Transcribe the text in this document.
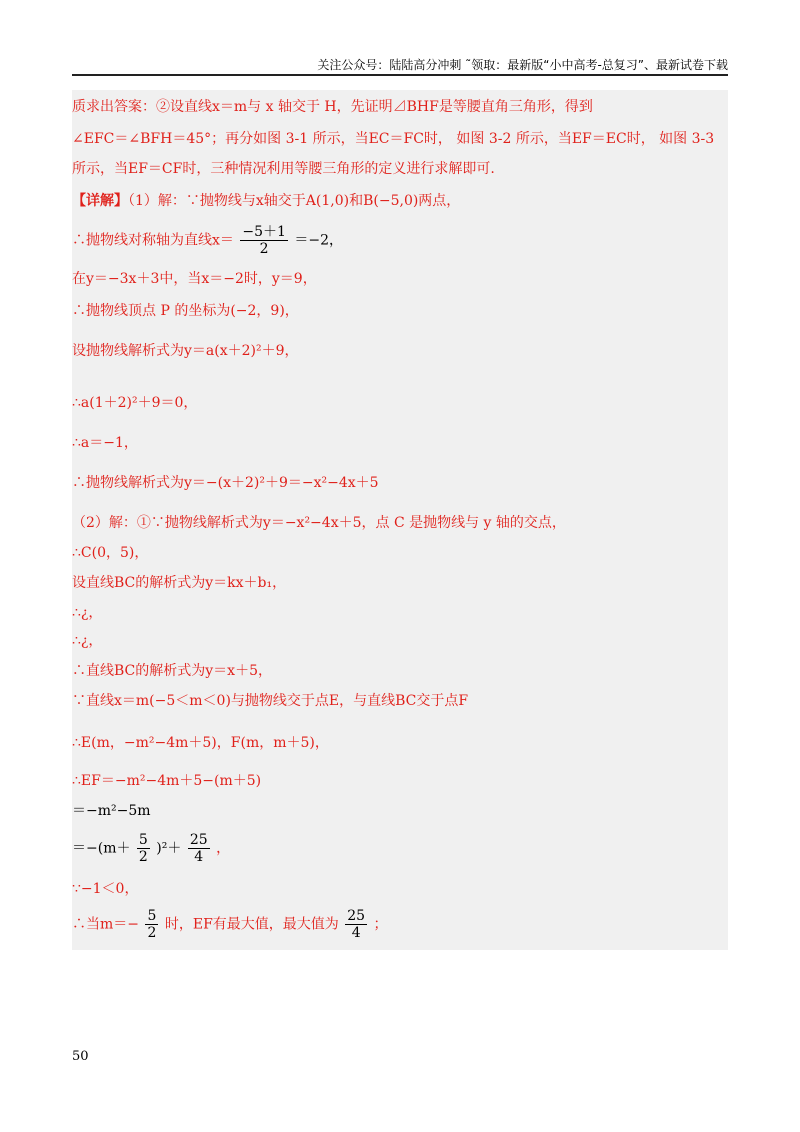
关注公众号：陆陆高分冲刺 ˜领取：最新版“小中高考-总复习”、最新试卷下载
质求出答案：②设直线x＝m与 x 轴交于 H，先证明⊿BHF是等腰直角三角形，得到
∠EFC＝∠BFH＝45°；再分如图 3-1 所示，当EC＝FC时， 如图 3-2 所示，当EF＝EC时， 如图 3-3
所示，当EF＝CF时，三种情况利用等腰三角形的定义进行求解即可.
【详解】（1）解：∵抛物线与x轴交于A(1,0)和B(−5,0)两点，
∴抛物线对称轴为直线$x= \frac{-5+1}{2} =-2$，
在y＝−3x＋3中，当x＝−2时，y＝9，
∴抛物线顶点 P 的坐标为(−2，9)，
设抛物线解析式为y＝a(x＋2)²＋9，
∴a(1＋2)²＋9＝0，
∴a＝−1，
∴抛物线解析式为y＝−(x＋2)²＋9＝−x²−4x＋5
（2）解：①∵抛物线解析式为y＝−x²−4x＋5，点 C 是抛物线与 y 轴的交点，
∴C(0，5)，
设直线BC的解析式为y＝kx＋b₁，
∴¿，
∴¿，
∴直线BC的解析式为y＝x＋5，
∵直线x＝m(−5＜m＜0)与抛物线交于点E，与直线BC交于点F
∴E(m，−m²−4m＋5)，F(m，m＋5)，
∴EF＝−m²−4m＋5−(m＋5)
＝−m²−5m
$=-(m+ \frac{5}{2} )^2+ \frac{25}{4}$ ，
∵−1＜0，
∴当$m=- \frac{5}{2}$ 时，EF有最大值，最大值为 $\frac{25}{4}$ ；
50
